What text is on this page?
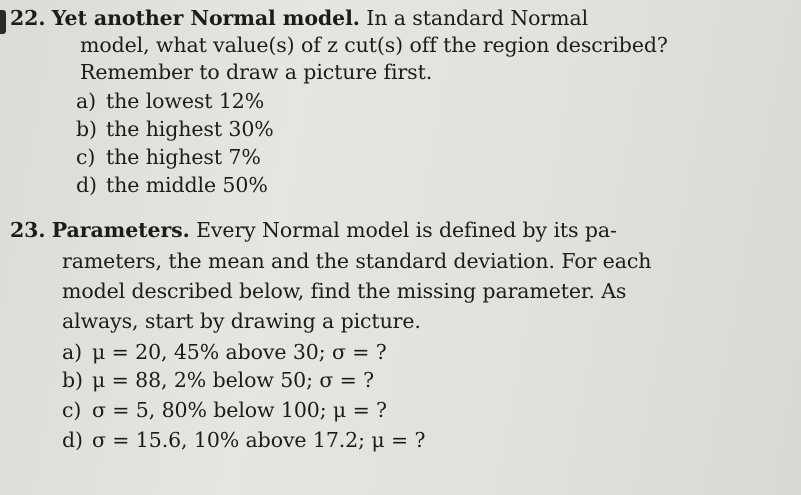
22. Yet another Normal model. In a standard Normal
model, what value(s) of z cut(s) off the region described?
Remember to draw a picture first.
a) the lowest 12%
b) the highest 30%
c) the highest 7%
d) the middle 50%
23. Parameters. Every Normal model is defined by its pa-
rameters, the mean and the standard deviation. For each
model described below, find the missing parameter. As
always, start by drawing a picture.
a) μ = 20, 45% above 30; σ = ?
b) μ = 88, 2% below 50; σ = ?
c) σ = 5, 80% below 100; μ = ?
d) σ = 15.6, 10% above 17.2; μ = ?
